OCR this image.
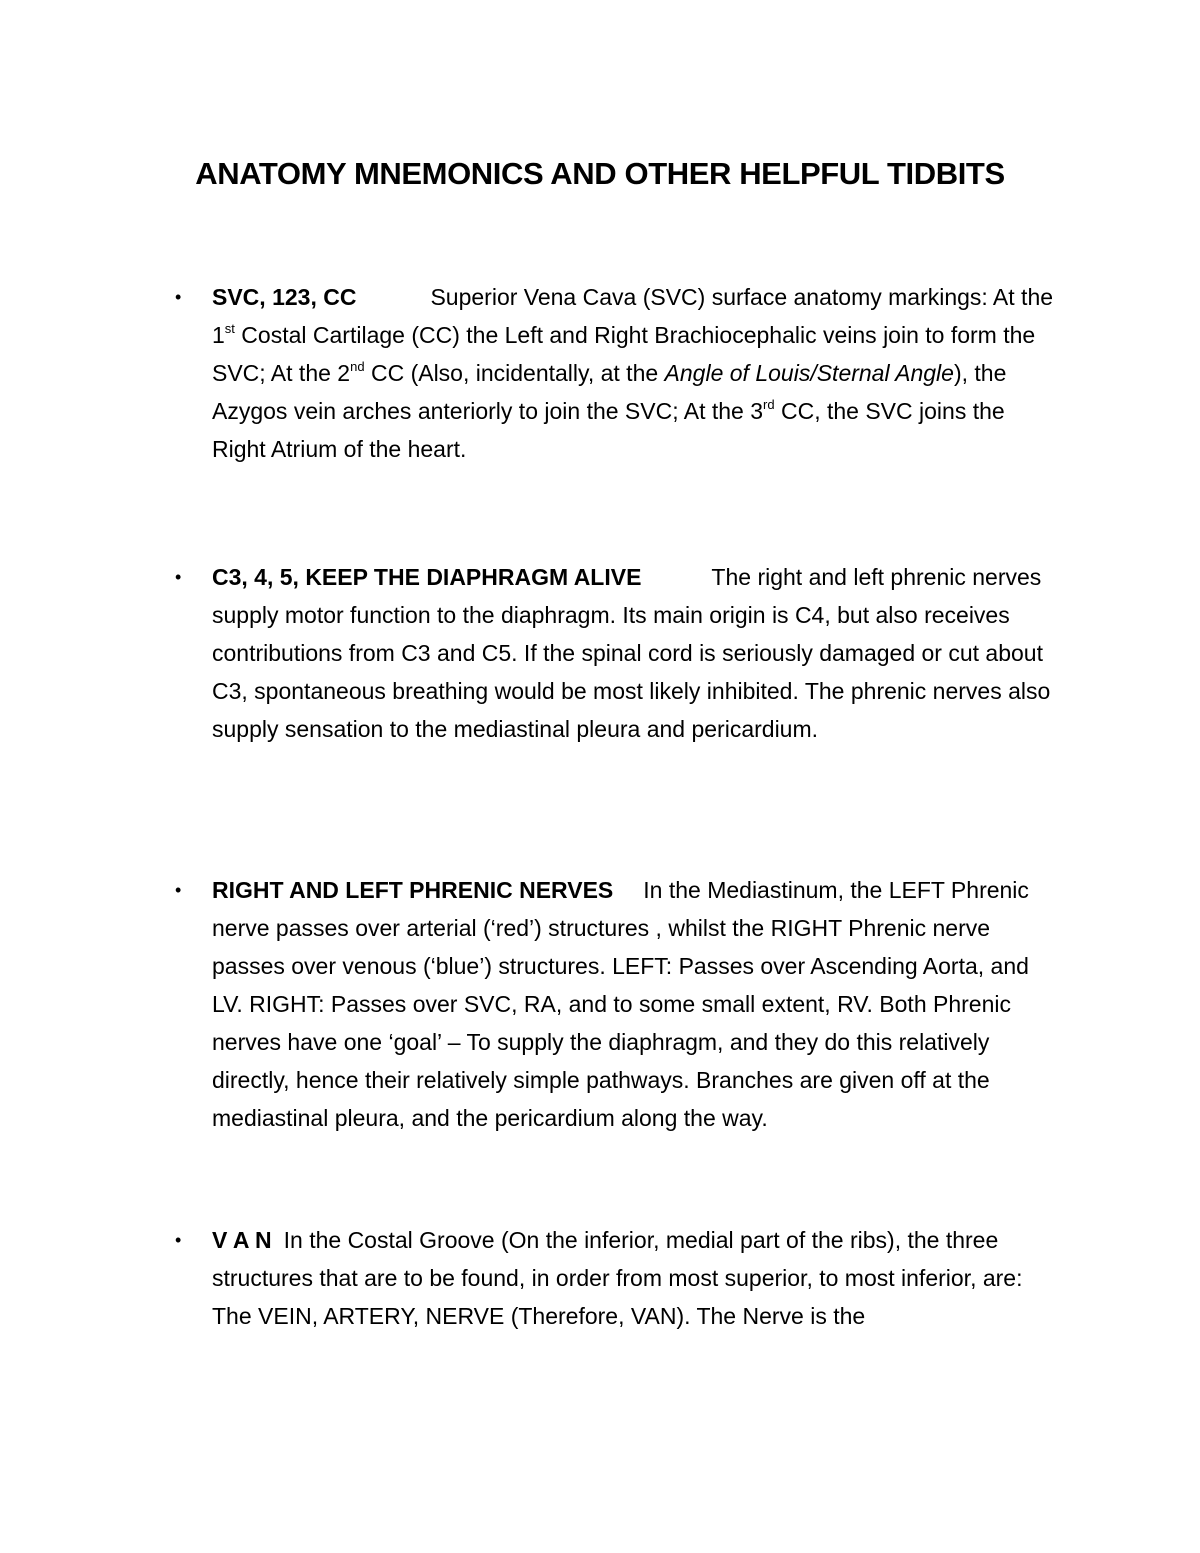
ANATOMY MNEMONICS AND OTHER HELPFUL TIDBITS
• SVC, 123, CC	Superior Vena Cava (SVC) surface anatomy markings: At the 1st Costal Cartilage (CC) the Left and Right Brachiocephalic veins join to form the SVC; At the 2nd CC (Also, incidentally, at the Angle of Louis/Sternal Angle), the Azygos vein arches anteriorly to join the SVC; At the 3rd CC, the SVC joins the Right Atrium of the heart.
• C3, 4, 5, KEEP THE DIAPHRAGM ALIVE	The right and left phrenic nerves supply motor function to the diaphragm. Its main origin is C4, but also receives contributions from C3 and C5. If the spinal cord is seriously damaged or cut about C3, spontaneous breathing would be most likely inhibited. The phrenic nerves also supply sensation to the mediastinal pleura and pericardium.
• RIGHT AND LEFT PHRENIC NERVES In the Mediastinum, the LEFT Phrenic nerve passes over arterial (‘red’) structures , whilst the RIGHT Phrenic nerve passes over venous (‘blue’) structures. LEFT: Passes over Ascending Aorta, and LV. RIGHT: Passes over SVC, RA, and to some small extent, RV. Both Phrenic nerves have one ‘goal’ – To supply the diaphragm, and they do this relatively directly, hence their relatively simple pathways. Branches are given off at the mediastinal pleura, and the pericardium along the way.
• V A N In the Costal Groove (On the inferior, medial part of the ribs), the three structures that are to be found, in order from most superior, to most inferior, are: The VEIN, ARTERY, NERVE (Therefore, VAN). The Nerve is the
